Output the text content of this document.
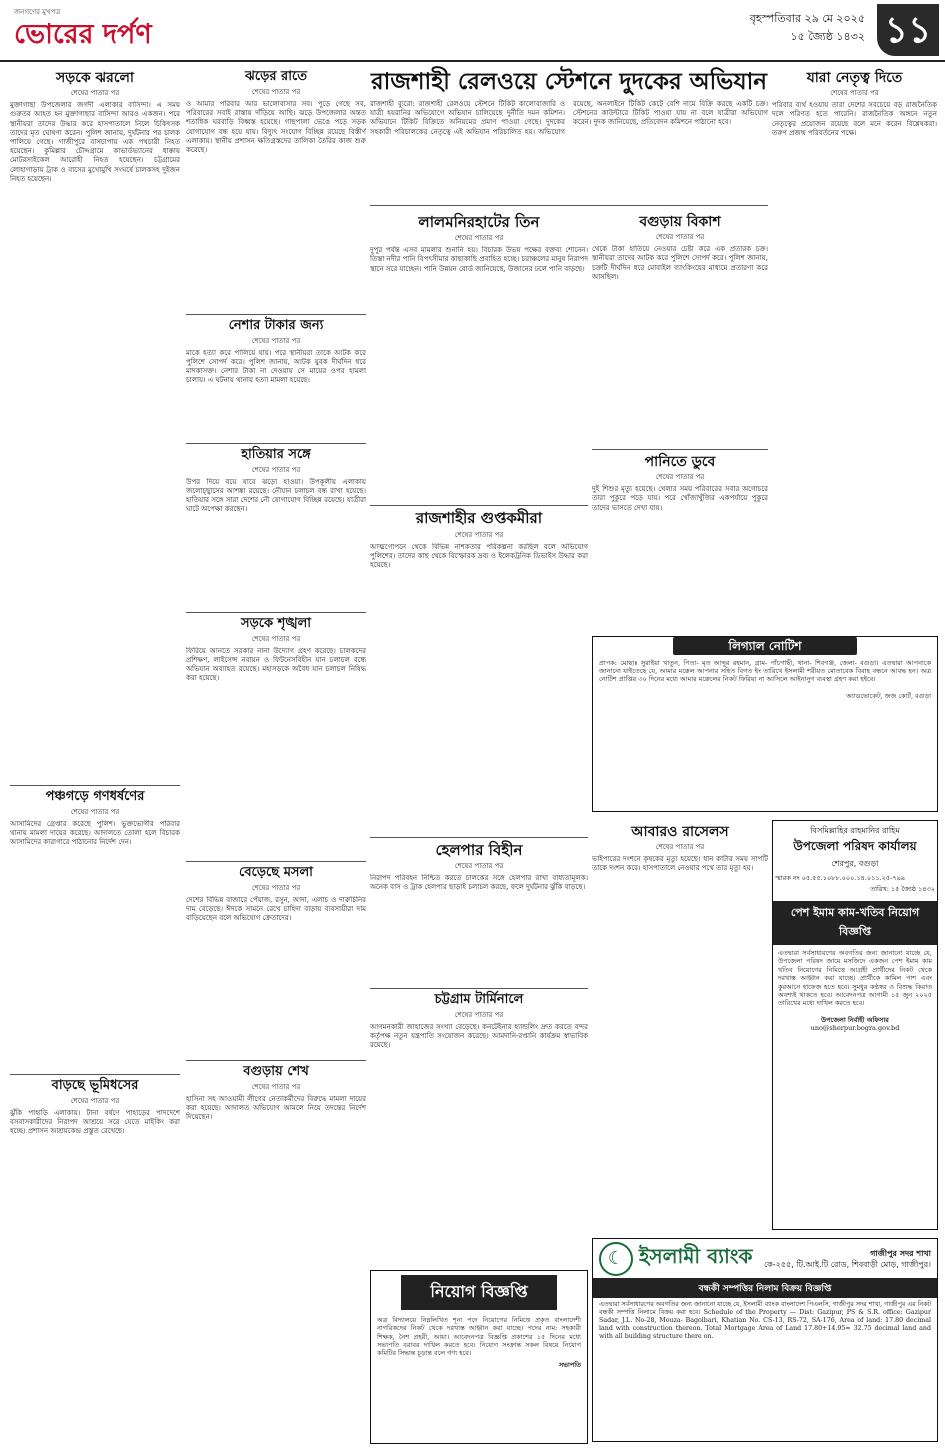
জনগণের মুখপত্র
ভোরের দর্পণ
বৃহস্পতিবার ২৯ মে ২০২৫
১৫ জ্যৈষ্ঠ ১৪৩২ ১১
সড়কে ঝরলো
শেষের পাতার পর
মুক্তাগাছা উপজেলার জগদী এলাকার বাসিন্দা। এ সময় গুরুতর আহত হন মুক্তাগাছার বাসিন্দা আরও একজন। পরে স্থানীয়রা তাদের উদ্ধার করে হাসপাতালে নিলে চিকিৎসক তাদের মৃত ঘোষণা করেন। পুলিশ জানায়, দুর্ঘটনার পর চালক পালিয়ে গেছে। গাজীপুরে বাসচাপায় এক পথচারী নিহত হয়েছেন। কুমিল্লার চৌদ্দগ্রামে কাভার্ডভ্যানের ধাক্কায় মোটরসাইকেল আরোহী নিহত হয়েছেন। চট্টগ্রামের লোহাগাড়ায় ট্রাক ও বাসের মুখোমুখি সংঘর্ষে চালকসহ দুইজন নিহত হয়েছেন।
পঞ্চগড়ে গণধর্ষণের
শেষের পাতার পর
আসামিদের গ্রেপ্তার করেছে পুলিশ। ভুক্তভোগীর পরিবার থানায় মামলা দায়ের করেছে। আদালতে তোলা হলে বিচারক আসামিদের কারাগারে পাঠানোর নির্দেশ দেন।
বাড়ছে ভূমিধসের
শেষের পাতার পর
ঝুঁকি পাহাড়ি এলাকায়। টানা বর্ষণে পাহাড়ের পাদদেশে বসবাসকারীদের নিরাপদ আশ্রয়ে সরে যেতে মাইকিং করা হচ্ছে। প্রশাসন আশ্রয়কেন্দ্র প্রস্তুত রেখেছে।
ঝড়ের রাতে
শেষের পাতার পর
ও আমার পরিবার আর ভালোবাসার সব। পুড়ে গেছে সব, পরিবারের সবাই রাস্তায় দাঁড়িয়ে আছি। ঝড়ে উপজেলার অন্তত শতাধিক ঘরবাড়ি বিধ্বস্ত হয়েছে। গাছপালা ভেঙে পড়ে সড়ক যোগাযোগ বন্ধ হয়ে যায়। বিদ্যুৎ সংযোগ বিচ্ছিন্ন রয়েছে বিস্তীর্ণ এলাকায়। স্থানীয় প্রশাসন ক্ষতিগ্রস্তদের তালিকা তৈরির কাজ শুরু করেছে।
নেশার টাকার জন্য
শেষের পাতার পর
মাকে হত্যা করে পালিয়ে যায়। পরে স্থানীয়রা তাকে আটক করে পুলিশে সোপর্দ করে। পুলিশ জানায়, আটক যুবক দীর্ঘদিন ধরে মাদকাসক্ত। নেশার টাকা না দেওয়ায় সে মায়ের ওপর হামলা চালায়। এ ঘটনায় থানায় হত্যা মামলা হয়েছে।
হাতিয়ার সঙ্গে
শেষের পাতার পর
উপর দিয়ে বয়ে যাবে ঝড়ো হাওয়া। উপকূলীয় এলাকায় জলোচ্ছ্বাসের আশঙ্কা রয়েছে। নৌযান চলাচল বন্ধ রাখা হয়েছে। হাতিয়ার সঙ্গে সারা দেশের নৌ যোগাযোগ বিচ্ছিন্ন রয়েছে। যাত্রীরা ঘাটে অপেক্ষা করছেন।
সড়কে শৃঙ্খলা
শেষের পাতার পর
ফিরিয়ে আনতে সরকার নানা উদ্যোগ গ্রহণ করেছে। চালকদের প্রশিক্ষণ, লাইসেন্স নবায়ন ও ফিটনেসবিহীন যান চলাচল বন্ধে অভিযান অব্যাহত রয়েছে। মহাসড়কে অবৈধ যান চলাচল নিষিদ্ধ করা হয়েছে।
বেড়েছে মসলা
শেষের পাতার পর
দেশের বিভিন্ন বাজারে পেঁয়াজ, রসুন, আদা, এলাচ ও দারুচিনির দাম বেড়েছে। ঈদকে সামনে রেখে চাহিদা বাড়ায় ব্যবসায়ীরা দাম বাড়িয়েছেন বলে অভিযোগ ক্রেতাদের।
বগুড়ায় শেখ
শেষের পাতার পর
হাসিনা সহ আওয়ামী লীগের নেতাকর্মীদের বিরুদ্ধে মামলা দায়ের করা হয়েছে। আদালত অভিযোগ আমলে নিয়ে তদন্তের নির্দেশ দিয়েছেন।
রাজশাহী রেলওয়ে স্টেশনে দুদকের অভিযান
রাজশাহী ব্যুরো: রাজশাহী রেলওয়ে স্টেশনে টিকিট কালোবাজারি ও যাত্রী হয়রানির অভিযোগে অভিযান চালিয়েছে দুর্নীতি দমন কমিশন। অভিযানে টিকিট বিক্রিতে অনিয়মের প্রমাণ পাওয়া গেছে। দুদকের সহকারী পরিচালকের নেতৃত্বে এই অভিযান পরিচালিত হয়। অভিযোগ রয়েছে, অনলাইনে টিকিট কেটে বেশি দামে বিক্রি করছে একটি চক্র। স্টেশনের কাউন্টারে টিকিট পাওয়া যায় না বলে যাত্রীরা অভিযোগ করেন। দুদক জানিয়েছে, প্রতিবেদন কমিশনে পাঠানো হবে।
লালমনিরহাটের তিন
শেষের পাতার পর
দুপুর পর্যন্ত এসব মামলার শুনানি হয়। বিচারক উভয় পক্ষের বক্তব্য শোনেন। তিস্তা নদীর পানি বিপৎসীমার কাছাকাছি প্রবাহিত হচ্ছে। চরাঞ্চলের মানুষ নিরাপদ স্থানে সরে যাচ্ছেন। পানি উন্নয়ন বোর্ড জানিয়েছে, উজানের ঢলে পানি বাড়ছে।
রাজশাহীর গুপ্তকমীরা
শেষের পাতার পর
আত্মগোপনে থেকে বিভিন্ন নাশকতার পরিকল্পনা করছিল বলে অভিযোগ পুলিশের। তাদের কাছ থেকে বিস্ফোরক দ্রব্য ও ইলেকট্রনিক ডিভাইস উদ্ধার করা হয়েছে।
হেলপার বিহীন
শেষের পাতার পর
নিরাপদ পরিবহন নিশ্চিত করতে চালকের সঙ্গে হেলপার রাখা বাধ্যতামূলক। অনেক বাস ও ট্রাক হেলপার ছাড়াই চলাচল করছে, ফলে দুর্ঘটনার ঝুঁকি বাড়ছে।
চট্টগ্রাম টার্মিনালে
শেষের পাতার পর
আগমনকারী জাহাজের সংখ্যা বেড়েছে। কনটেইনার হ্যান্ডলিং দ্রুত করতে বন্দর কর্তৃপক্ষ নতুন যন্ত্রপাতি সংযোজন করেছে। আমদানি-রপ্তানি কার্যক্রম স্বাভাবিক রয়েছে।
নিয়োগ বিজ্ঞপ্তি
অত্র বিদ্যালয়ে নিম্নলিখিত শূন্য পদে নিয়োগের নিমিত্তে প্রকৃত বাংলাদেশী নাগরিকদের নিকট থেকে দরখাস্ত আহ্বান করা যাচ্ছে। পদের নাম: সহকারী শিক্ষক, নৈশ প্রহরী, আয়া। আবেদনপত্র বিজ্ঞপ্তি প্রকাশের ১৫ দিনের মধ্যে সভাপতি বরাবর দাখিল করতে হবে। নিয়োগ সংক্রান্ত সকল বিষয়ে নিয়োগ কমিটির সিদ্ধান্ত চূড়ান্ত বলে গণ্য হবে।
সভাপতি
বগুড়ায় বিকাশ
শেষের পাতার পর
থেকে টাকা হাতিয়ে নেওয়ার চেষ্টা করে এক প্রতারক চক্র। স্থানীয়রা তাদের আটক করে পুলিশে সোপর্দ করে। পুলিশ জানায়, চক্রটি দীর্ঘদিন ধরে মোবাইল ব্যাংকিংয়ের মাধ্যমে প্রতারণা করে আসছিল।
পানিতে ডুবে
শেষের পাতার পর
দুই শিশুর মৃত্যু হয়েছে। খেলার সময় পরিবারের সবার অগোচরে তারা পুকুরে পড়ে যায়। পরে খোঁজাখুঁজির একপর্যায়ে পুকুরে তাদের ভাসতে দেখা যায়।
যারা নেতৃত্ব দিতে
শেষের পাতার পর
পরিবার ব্যর্থ হওয়ায় তারা দেশের সবচেয়ে বড় রাজনৈতিক দলে পরিণত হতে পারেনি। রাজনৈতিক অঙ্গনে নতুন নেতৃত্বের প্রয়োজন রয়েছে বলে মনে করেন বিশ্লেষকরা। তরুণ প্রজন্ম পরিবর্তনের পক্ষে।
লিগ্যাল নোটিশ
প্রাপক: মোছাঃ সুরাইয়া খাতুন, পিতা- মৃত আব্দুর রহমান, গ্রাম- পাঁচগাছী, থানা- শিবগঞ্জ, জেলা- বগুড়া। এতদ্বারা আপনাকে জানানো যাইতেছে যে, আমার মক্কেল আপনার সহিত বিগত ইং তারিখে ইসলামী শরীয়ত মোতাবেক বিবাহ বন্ধনে আবদ্ধ হন। অত্র নোটিশ প্রাপ্তির ৩০ দিনের মধ্যে আমার মক্কেলের নিকট ফিরিয়া না আসিলে আইনানুগ ব্যবস্থা গ্রহণ করা হইবে।
অ্যাডভোকেট, জজ কোর্ট, বগুড়া
আবারও রাসেলস
শেষের পাতার পর
ভাইপারের দংশনে কৃষকের মৃত্যু হয়েছে। ধান কাটার সময় সাপটি তাকে দংশন করে। হাসপাতালে নেওয়ার পথে তার মৃত্যু হয়।
বিসমিল্লাহির রাহমানির রাহিম
উপজেলা পরিষদ কার্যালয়
শেরপুর, বগুড়া
স্মারক নং ০৫.৫৫.১০৮৮.০০০.১৪.০১১.২৫-৭৯৯
তারিখ: ১৫ জ্যৈষ্ঠ ১৪৩২
পেশ ইমাম কাম-খতিব নিয়োগ বিজ্ঞপ্তি
এতদ্বারা সর্বসাধারণের অবগতির জন্য জানানো যাচ্ছে যে, উপজেলা পরিষদ জামে মসজিদে একজন পেশ ইমাম কাম খতিব নিয়োগের নিমিত্তে আগ্রহী প্রার্থীদের নিকট থেকে দরখাস্ত আহ্বান করা যাচ্ছে। প্রার্থীকে কামিল পাশ এবং কুরআনে হাফেজ হতে হবে। সুমধুর কণ্ঠস্বর ও বিশুদ্ধ কিরাত অবশ্যই থাকতে হবে। আবেদনপত্র আগামী ১৫ জুন ২০২৫ তারিখের মধ্যে দাখিল করতে হবে।
উপজেলা নির্বাহী অফিসার
uno@sherpur.bogra.gov.bd
☾ ইসলামী ব্যাংক	গাজীপুর সদর শাখা
কে-২৫৫, টি.আই.টি রোড, শিববাড়ী মোড়, গাজীপুর।
বন্ধকী সম্পত্তির নিলাম বিক্রয় বিজ্ঞপ্তি
এতদ্বারা সর্বসাধারণের অবগতির জন্য জানানো যাচ্ছে যে, ইসলামী ব্যাংক বাংলাদেশ পিএলসি, গাজীপুর সদর শাখা, গাজীপুর এর নিকট বন্ধকী সম্পত্তি নিলামে বিক্রয় করা হবে। Schedule of the Property — Dist: Gazipur, PS & S.R. office: Gazipur Sadar, J.L. No-28, Mouza- Bagolbari, Khatian No. CS-13, RS-72, SA-176, Area of land: 17.80 decimal land with construction thereon. Total Mortgage Area of Land 17.80+14.95= 32.75 decimal land and with all building structure there on.
